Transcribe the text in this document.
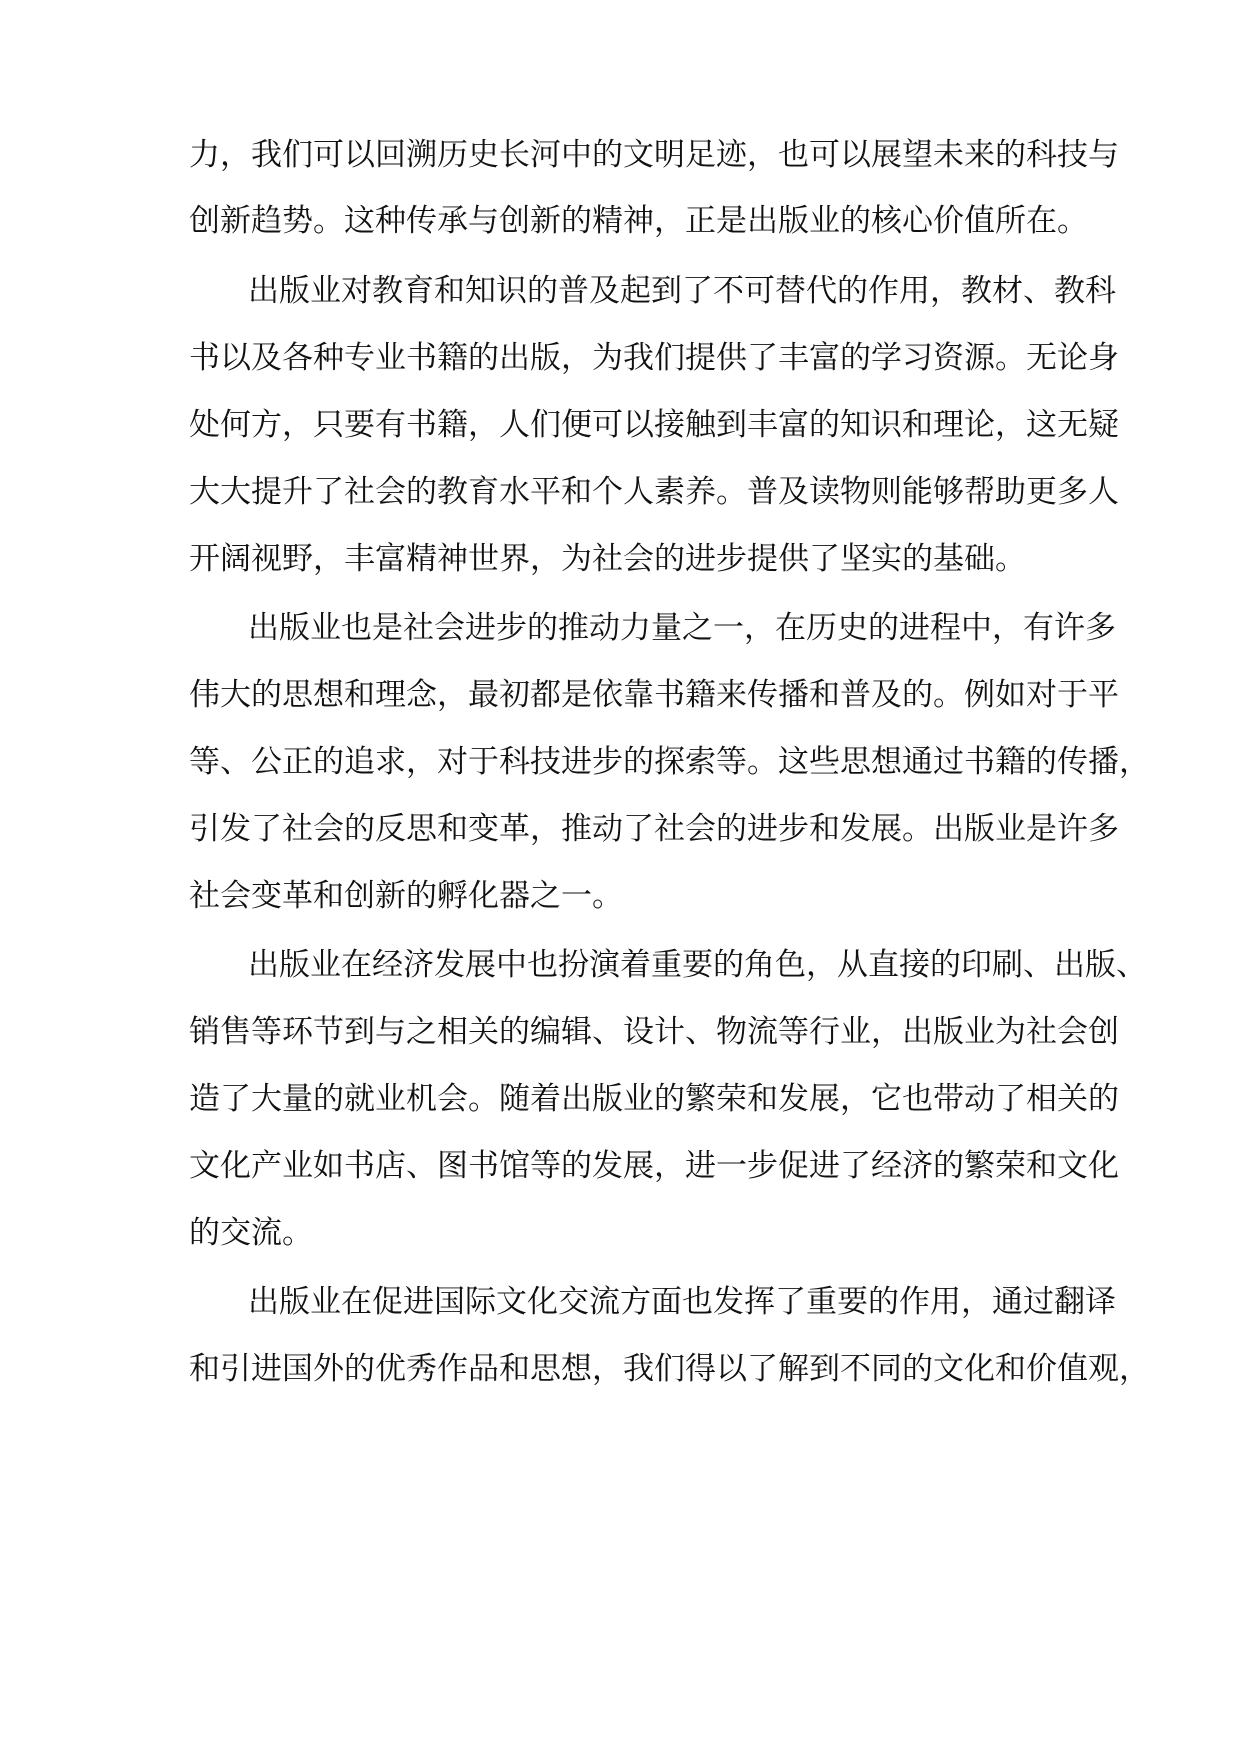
力，我们可以回溯历史长河中的文明足迹，也可以展望未来的科技与
创新趋势。这种传承与创新的精神，正是出版业的核心价值所在。
出版业对教育和知识的普及起到了不可替代的作用，教材、教科
书以及各种专业书籍的出版，为我们提供了丰富的学习资源。无论身
处何方，只要有书籍，人们便可以接触到丰富的知识和理论，这无疑
大大提升了社会的教育水平和个人素养。普及读物则能够帮助更多人
开阔视野，丰富精神世界，为社会的进步提供了坚实的基础。
出版业也是社会进步的推动力量之一，在历史的进程中，有许多
伟大的思想和理念，最初都是依靠书籍来传播和普及的。例如对于平
等、公正的追求，对于科技进步的探索等。这些思想通过书籍的传播，
引发了社会的反思和变革，推动了社会的进步和发展。出版业是许多
社会变革和创新的孵化器之一。
出版业在经济发展中也扮演着重要的角色，从直接的印刷、出版、
销售等环节到与之相关的编辑、设计、物流等行业，出版业为社会创
造了大量的就业机会。随着出版业的繁荣和发展，它也带动了相关的
文化产业如书店、图书馆等的发展，进一步促进了经济的繁荣和文化
的交流。
出版业在促进国际文化交流方面也发挥了重要的作用，通过翻译
和引进国外的优秀作品和思想，我们得以了解到不同的文化和价值观，
